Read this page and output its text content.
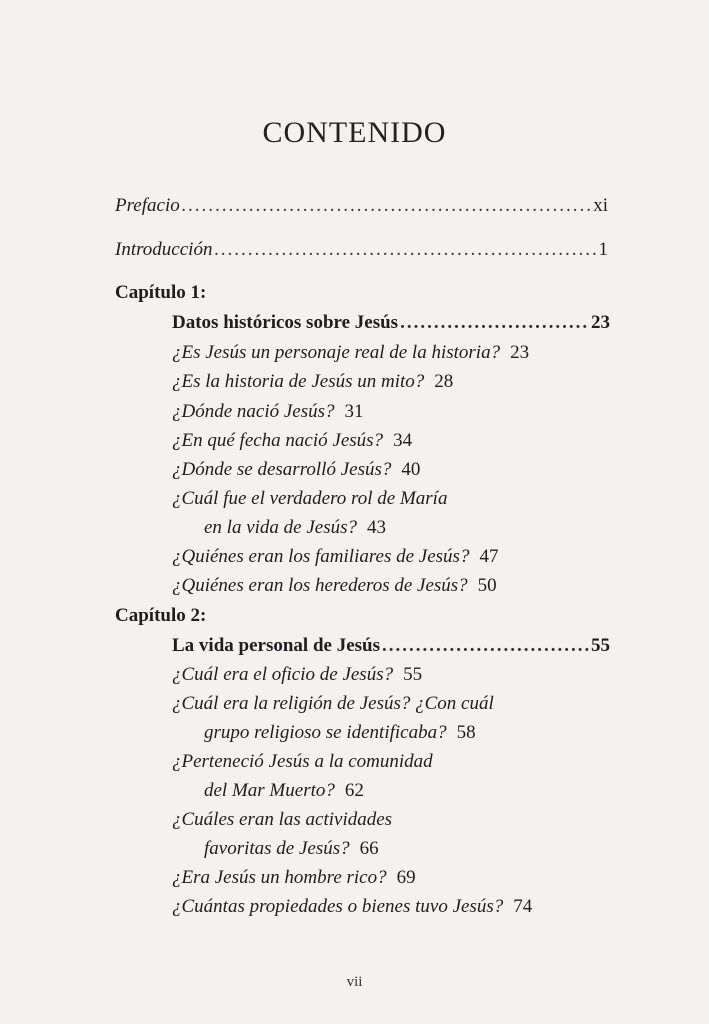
CONTENIDO
Prefacio .....	xi
Introducción .....	1
Capítulo 1:
Datos históricos sobre Jesús .....	23
¿Es Jesús un personaje real de la historia? 23
¿Es la historia de Jesús un mito? 28
¿Dónde nació Jesús? 31
¿En qué fecha nació Jesús? 34
¿Dónde se desarrolló Jesús? 40
¿Cuál fue el verdadero rol de María
en la vida de Jesús? 43
¿Quiénes eran los familiares de Jesús? 47
¿Quiénes eran los herederos de Jesús? 50
Capítulo 2:
La vida personal de Jesús .....	55
¿Cuál era el oficio de Jesús? 55
¿Cuál era la religión de Jesús? ¿Con cuál
grupo religioso se identificaba? 58
¿Perteneció Jesús a la comunidad
del Mar Muerto? 62
¿Cuáles eran las actividades
favoritas de Jesús? 66
¿Era Jesús un hombre rico? 69
¿Cuántas propiedades o bienes tuvo Jesús? 74
vii
